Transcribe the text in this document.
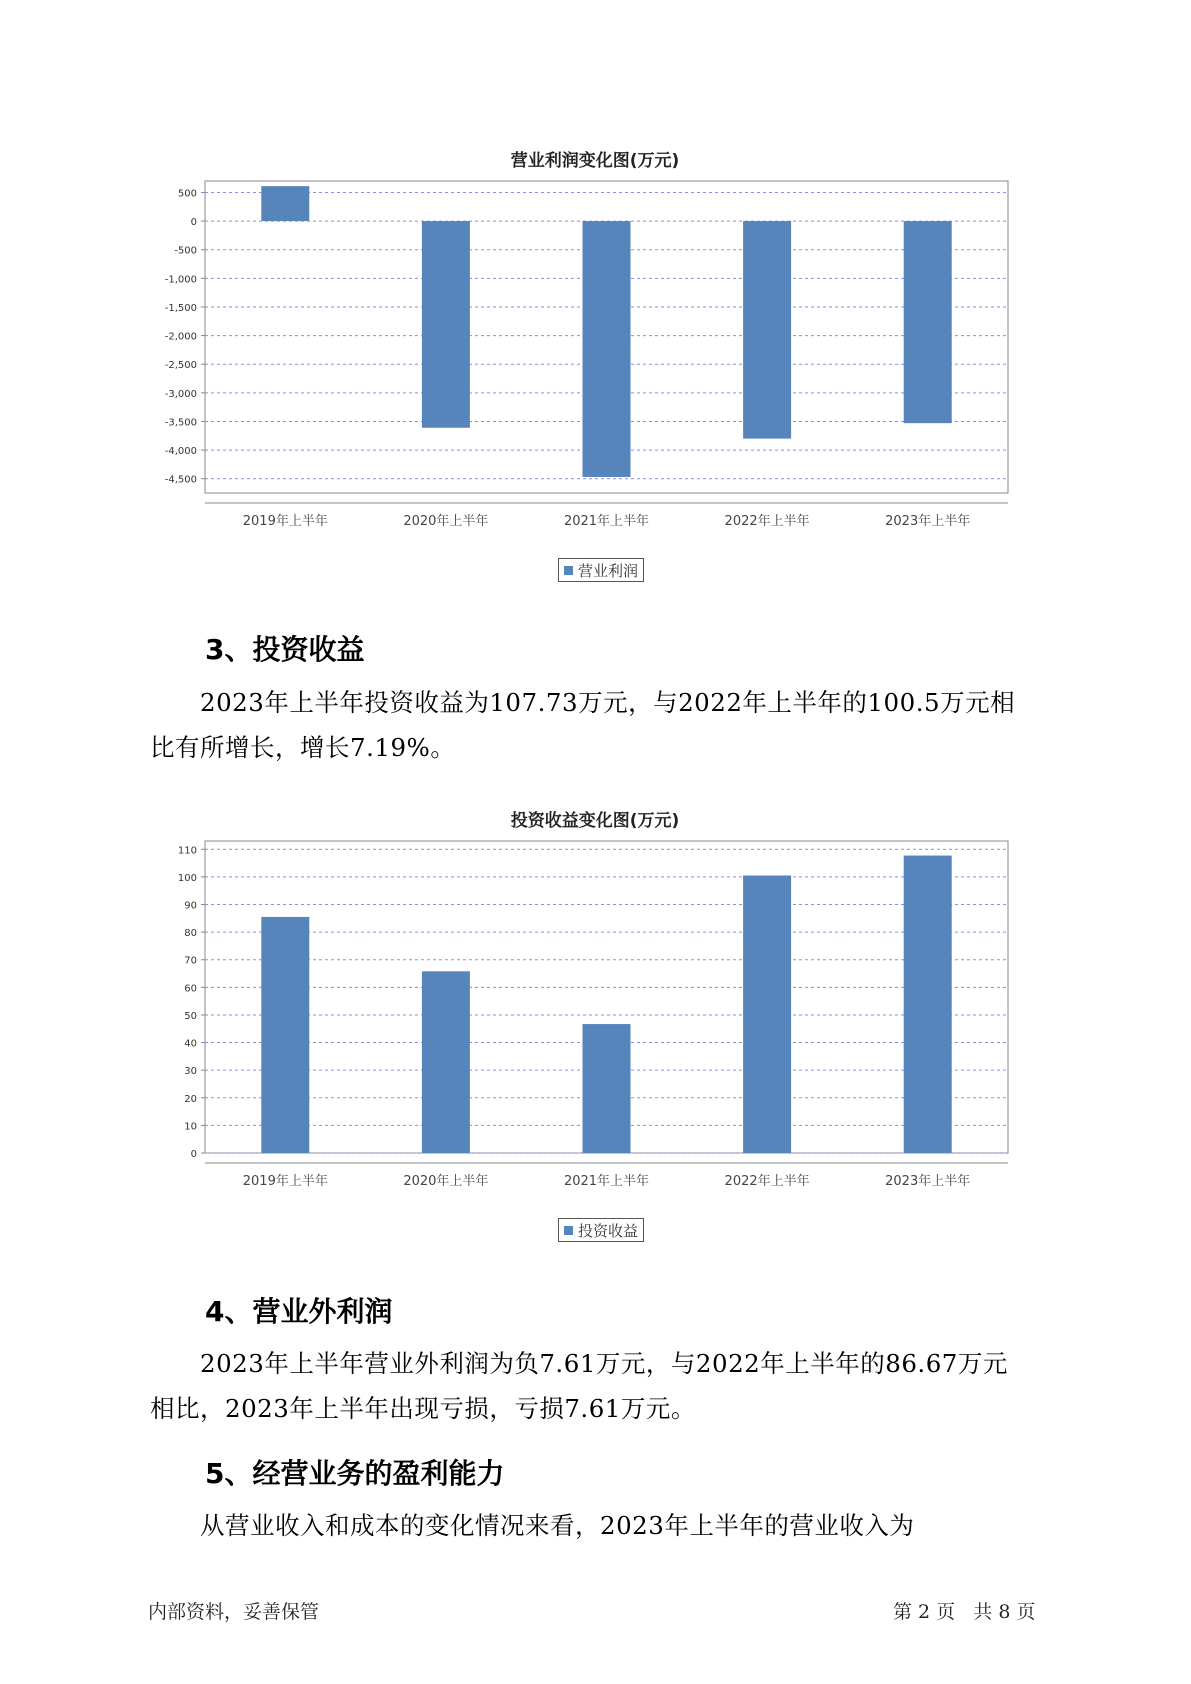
营业利润变化图(万元)
500
0
-500
-1,000
-1,500
-2,000
-2,500
-3,000
-3,500
-4,000
-4,500
2019年上半年	2020年上半年	2021年上半年	2022年上半年	2023年上半年
营业利润
3、投资收益
2023年上半年投资收益为107.73万元，与2022年上半年的100.5万元相
比有所增长，增长7.19%。
投资收益变化图(万元)
110
100
90
80
70
60
50
40
30
20
10
0
2019年上半年	2020年上半年	2021年上半年	2022年上半年	2023年上半年
投资收益
4、营业外利润
2023年上半年营业外利润为负7.61万元，与2022年上半年的86.67万元
相比，2023年上半年出现亏损，亏损7.61万元。
5、经营业务的盈利能力
从营业收入和成本的变化情况来看，2023年上半年的营业收入为
内部资料，妥善保管	第 2 页   共 8 页
